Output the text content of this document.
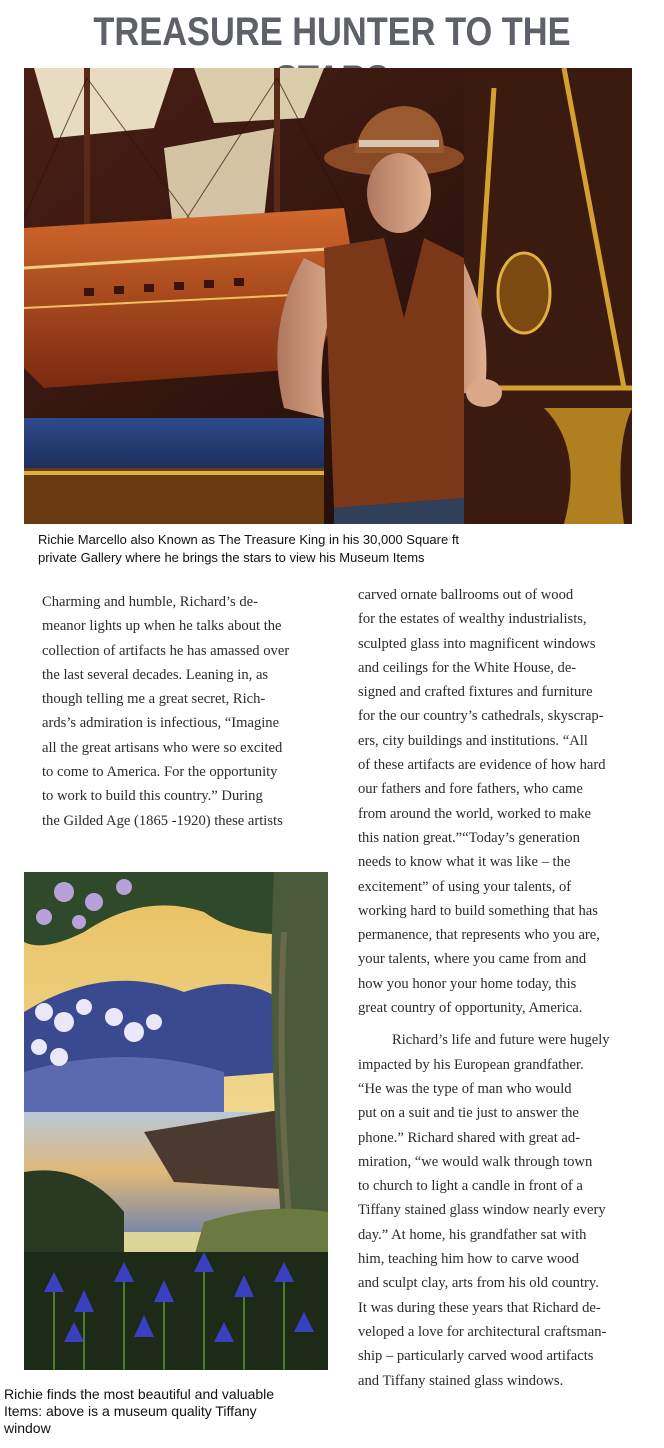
TREASURE HUNTER TO THE
Richie Marcello also Known as The Treasure King in his 30,000 Square ft
private Gallery where he brings the stars to view his Museum Items
Charming and humble, Richard’s de-
meanor lights up when he talks about the
collection of artifacts he has amassed over
the last several decades. Leaning in, as
though telling me a great secret, Rich-
ards’s admiration is infectious, “Imagine
all the great artisans who were so excited
to come to America. For the opportunity
to work to build this country.” During
the Gilded Age (1865 -1920) these artists
carved ornate ballrooms out of wood
for the estates of wealthy industrialists,
sculpted glass into magnificent windows
and ceilings for the White House, de-
signed and crafted fixtures and furniture
for the our country’s cathedrals, skyscrap-
ers, city buildings and institutions. “All
of these artifacts are evidence of how hard
our fathers and fore fathers, who came
from around the world, worked to make
this nation great.”“Today’s generation
needs to know what it was like – the
excitement” of using your talents, of
working hard to build something that has
permanence, that represents who you are,
your talents, where you came from and
how you honor your home today, this
great country of opportunity, America.
Richard’s life and future were hugely
impacted by his European grandfather.
“He was the type of man who would
put on a suit and tie just to answer the
phone.” Richard shared with great ad-
miration, “we would walk through town
to church to light a candle in front of a
Tiffany stained glass window nearly every
day.” At home, his grandfather sat with
him, teaching him how to carve wood
and sculpt clay, arts from his old country.
It was during these years that Richard de-
veloped a love for architectural craftsman-
ship – particularly carved wood artifacts
and Tiffany stained glass windows.
Richie finds the most beautiful and valuable
Items: above is a museum quality Tiffany
window
